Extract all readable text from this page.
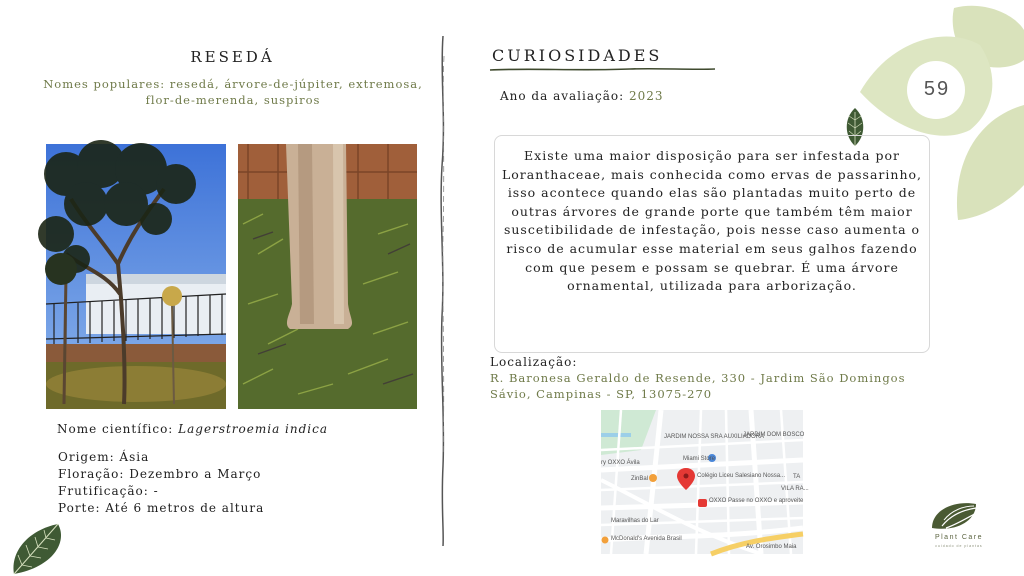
RESEDÁ
Nomes populares: resedá, árvore-de-júpiter, extremosa, flor-de-merenda, suspiros
Nome científico: Lagerstroemia indica
Origem: Ásia
Floração: Dezembro a Março
Frutificação: -
Porte: Até 6 metros de altura
CURIOSIDADES
Ano da avaliação: 2023	59
Existe uma maior disposição para ser infestada por Loranthaceae, mais conhecida como ervas de passarinho, isso acontece quando elas são plantadas muito perto de outras árvores de grande porte que também têm maior suscetibilidade de infestação, pois nesse caso aumenta o risco de acumular esse material em seus galhos fazendo com que pesem e possam se quebrar. É uma árvore ornamental, utilizada para arborização.
Localização:
R. Baronesa Geraldo de Resende, 330 - Jardim São Domingos Sávio, Campinas - SP, 13075-270
JARDIM NOSSA SRA AUXILIADORA
JARDIM DOM BOSCO
ry OXXO Ávila
Miami Store
ZinBal	Colégio Liceu Salesiano Nossa...
OXXO Passe no OXXO e aproveite
Maravilhas do Lar
McDonald's Avenida Brasil
Av. Orosimbo Maia
VILA RA...
TA
Plant Care
cuidado de plantas
